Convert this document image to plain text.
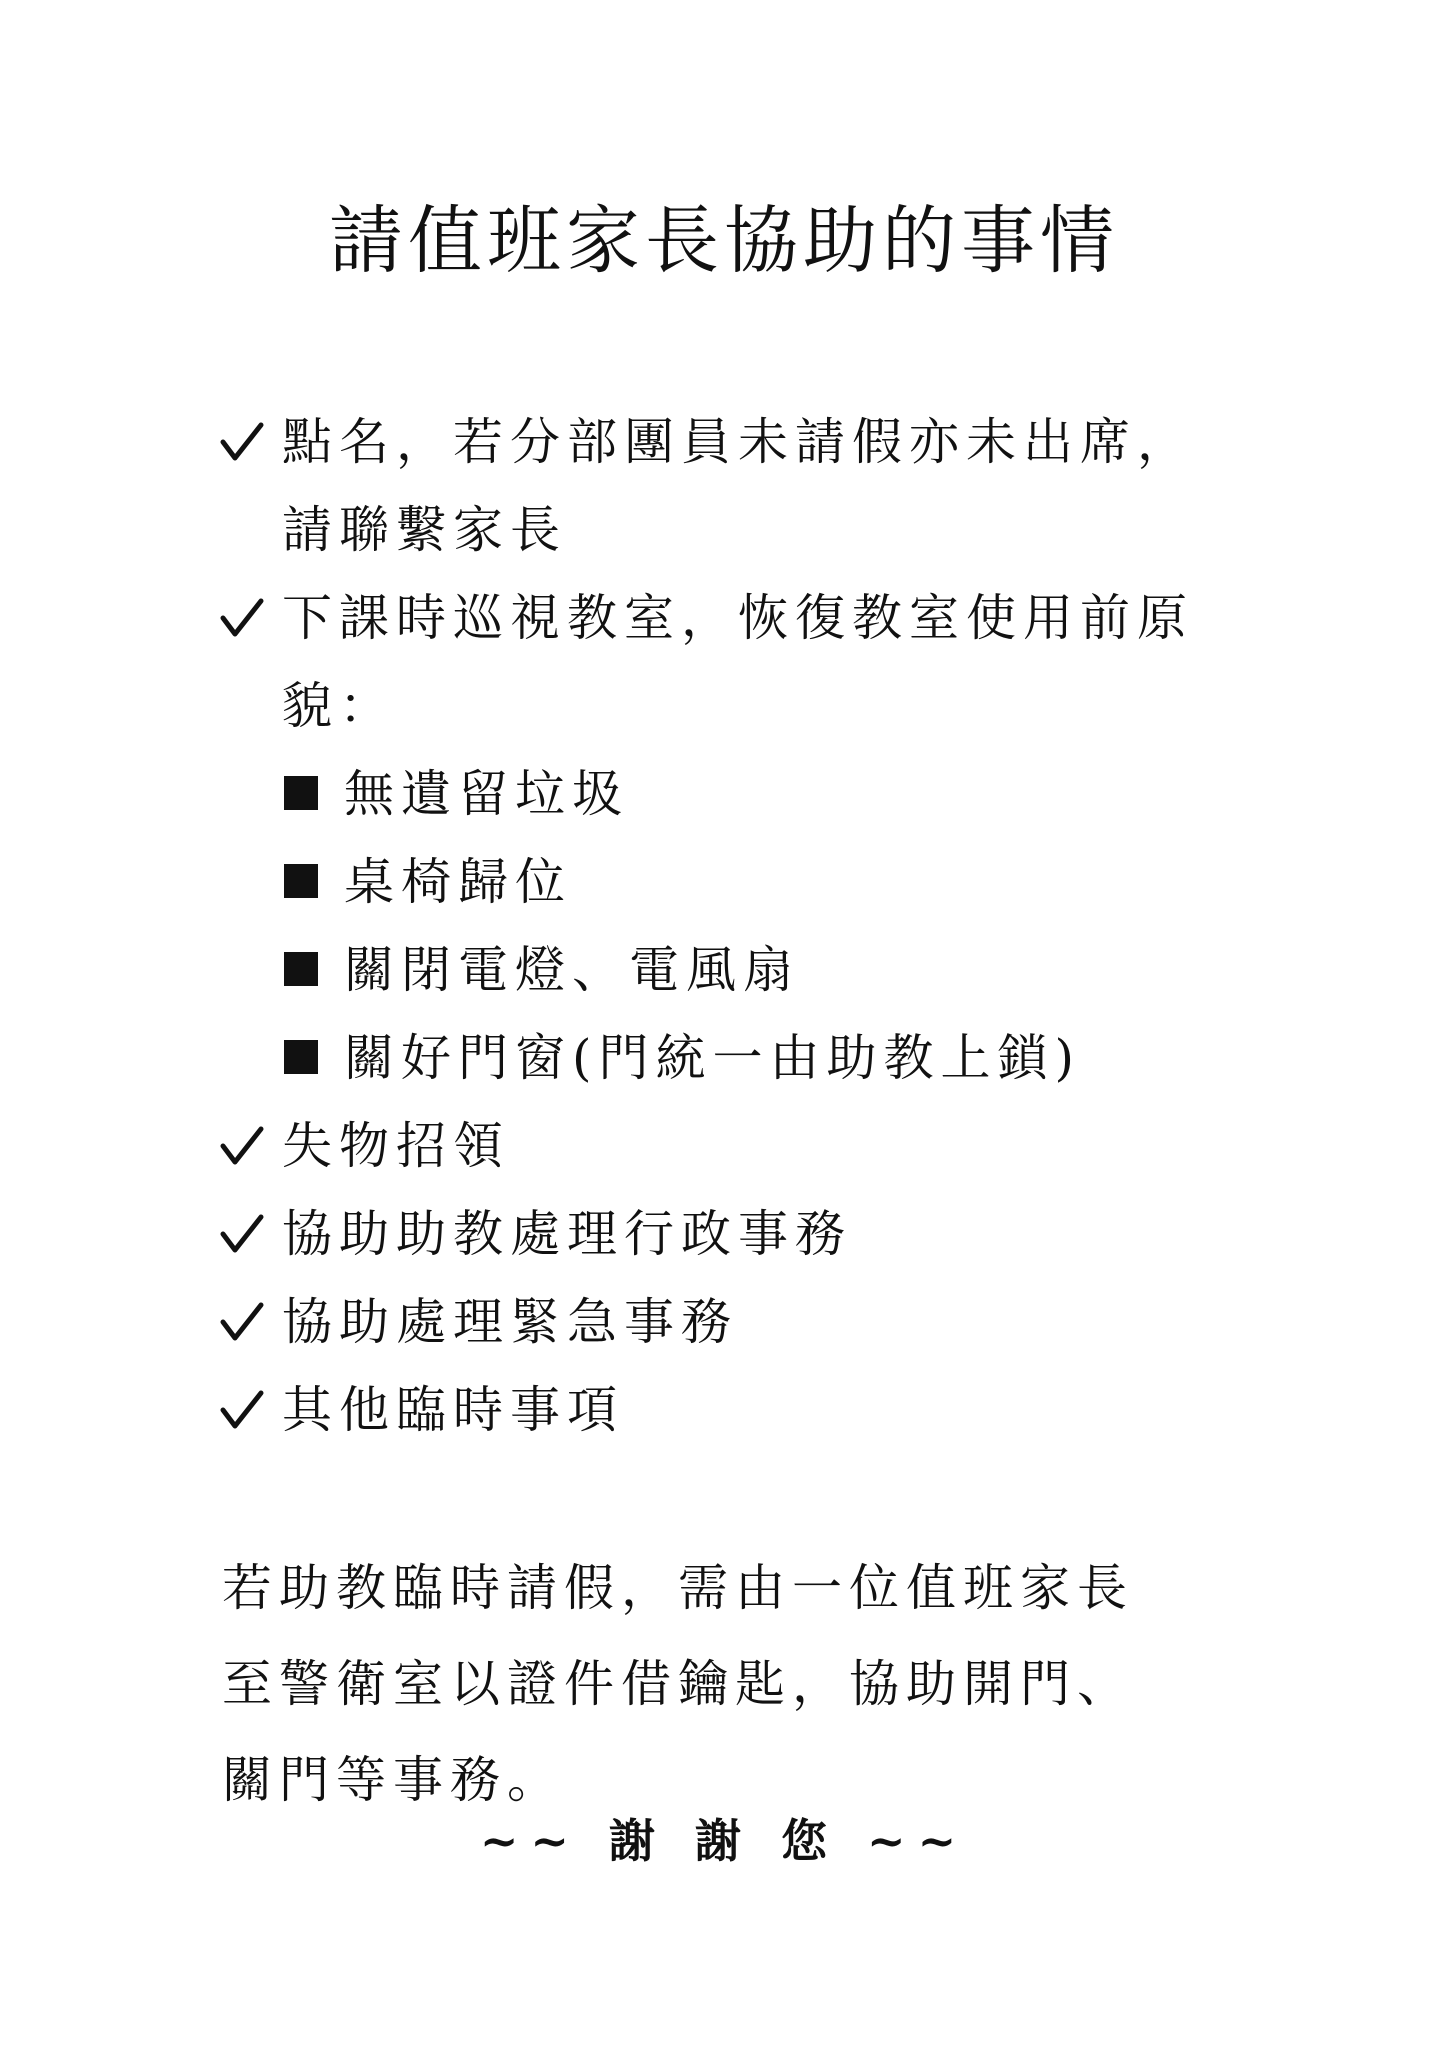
請值班家長協助的事情
點名，若分部團員未請假亦未出席，
請聯繫家長
下課時巡視教室，恢復教室使用前原
貌：
無遺留垃圾
桌椅歸位
關閉電燈、電風扇
關好門窗(門統一由助教上鎖)
失物招領
協助助教處理行政事務
協助處理緊急事務
其他臨時事項
若助教臨時請假，需由一位值班家長
至警衛室以證件借鑰匙，協助開門、
關門等事務。
~~ 謝 謝 您 ~~
